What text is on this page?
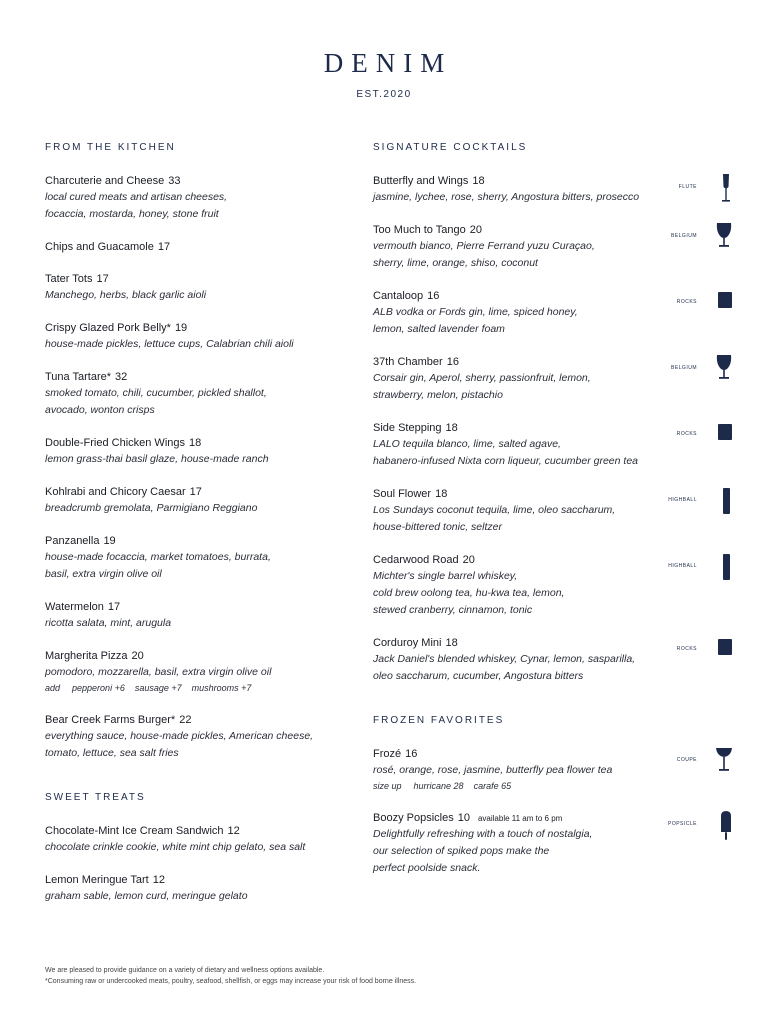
DENIM
EST.2020
FROM THE KITCHEN
Charcuterie and Cheese 33
local cured meats and artisan cheeses,
focaccia, mostarda, honey, stone fruit
Chips and Guacamole 17
Tater Tots 17
Manchego, herbs, black garlic aioli
Crispy Glazed Pork Belly* 19
house-made pickles, lettuce cups, Calabrian chili aioli
Tuna Tartare* 32
smoked tomato, chili, cucumber, pickled shallot,
avocado, wonton crisps
Double-Fried Chicken Wings 18
lemon grass-thai basil glaze, house-made ranch
Kohlrabi and Chicory Caesar 17
breadcrumb gremolata, Parmigiano Reggiano
Panzanella 19
house-made focaccia, market tomatoes, burrata,
basil, extra virgin olive oil
Watermelon 17
ricotta salata, mint, arugula
Margherita Pizza 20
pomodoro, mozzarella, basil, extra virgin olive oil
add pepperoni +6 sausage +7 mushrooms +7
Bear Creek Farms Burger* 22
everything sauce, house-made pickles, American cheese,
tomato, lettuce, sea salt fries
SWEET TREATS
Chocolate-Mint Ice Cream Sandwich 12
chocolate crinkle cookie, white mint chip gelato, sea salt
Lemon Meringue Tart 12
graham sable, lemon curd, meringue gelato
SIGNATURE COCKTAILS
Butterfly and Wings 18
jasmine, lychee, rose, sherry, Angostura bitters, prosecco
FLUTE
Too Much to Tango 20
vermouth bianco, Pierre Ferrand yuzu Curaçao,
sherry, lime, orange, shiso, coconut
BELGIUM
Cantaloop 16
ALB vodka or Fords gin, lime, spiced honey,
lemon, salted lavender foam
ROCKS
37th Chamber 16
Corsair gin, Aperol, sherry, passionfruit, lemon,
strawberry, melon, pistachio
BELGIUM
Side Stepping 18
LALO tequila blanco, lime, salted agave,
habanero-infused Nixta corn liqueur, cucumber green tea
ROCKS
Soul Flower 18
Los Sundays coconut tequila, lime, oleo saccharum,
house-bittered tonic, seltzer
HIGHBALL
Cedarwood Road 20
Michter's single barrel whiskey,
cold brew oolong tea, hu-kwa tea, lemon,
stewed cranberry, cinnamon, tonic
HIGHBALL
Corduroy Mini 18
Jack Daniel's blended whiskey, Cynar, lemon, sasparilla,
oleo saccharum, cucumber, Angostura bitters
ROCKS
FROZEN FAVORITES
Frozé 16
rosé, orange, rose, jasmine, butterfly pea flower tea
size up hurricane 28 carafe 65
COUPE
Boozy Popsicles 10 available 11 am to 6 pm
Delightfully refreshing with a touch of nostalgia,
our selection of spiked pops make the
perfect poolside snack.
POPSICLE
We are pleased to provide guidance on a variety of dietary and wellness options available.
*Consuming raw or undercooked meats, poultry, seafood, shellfish, or eggs may increase your risk of food borne illness.
